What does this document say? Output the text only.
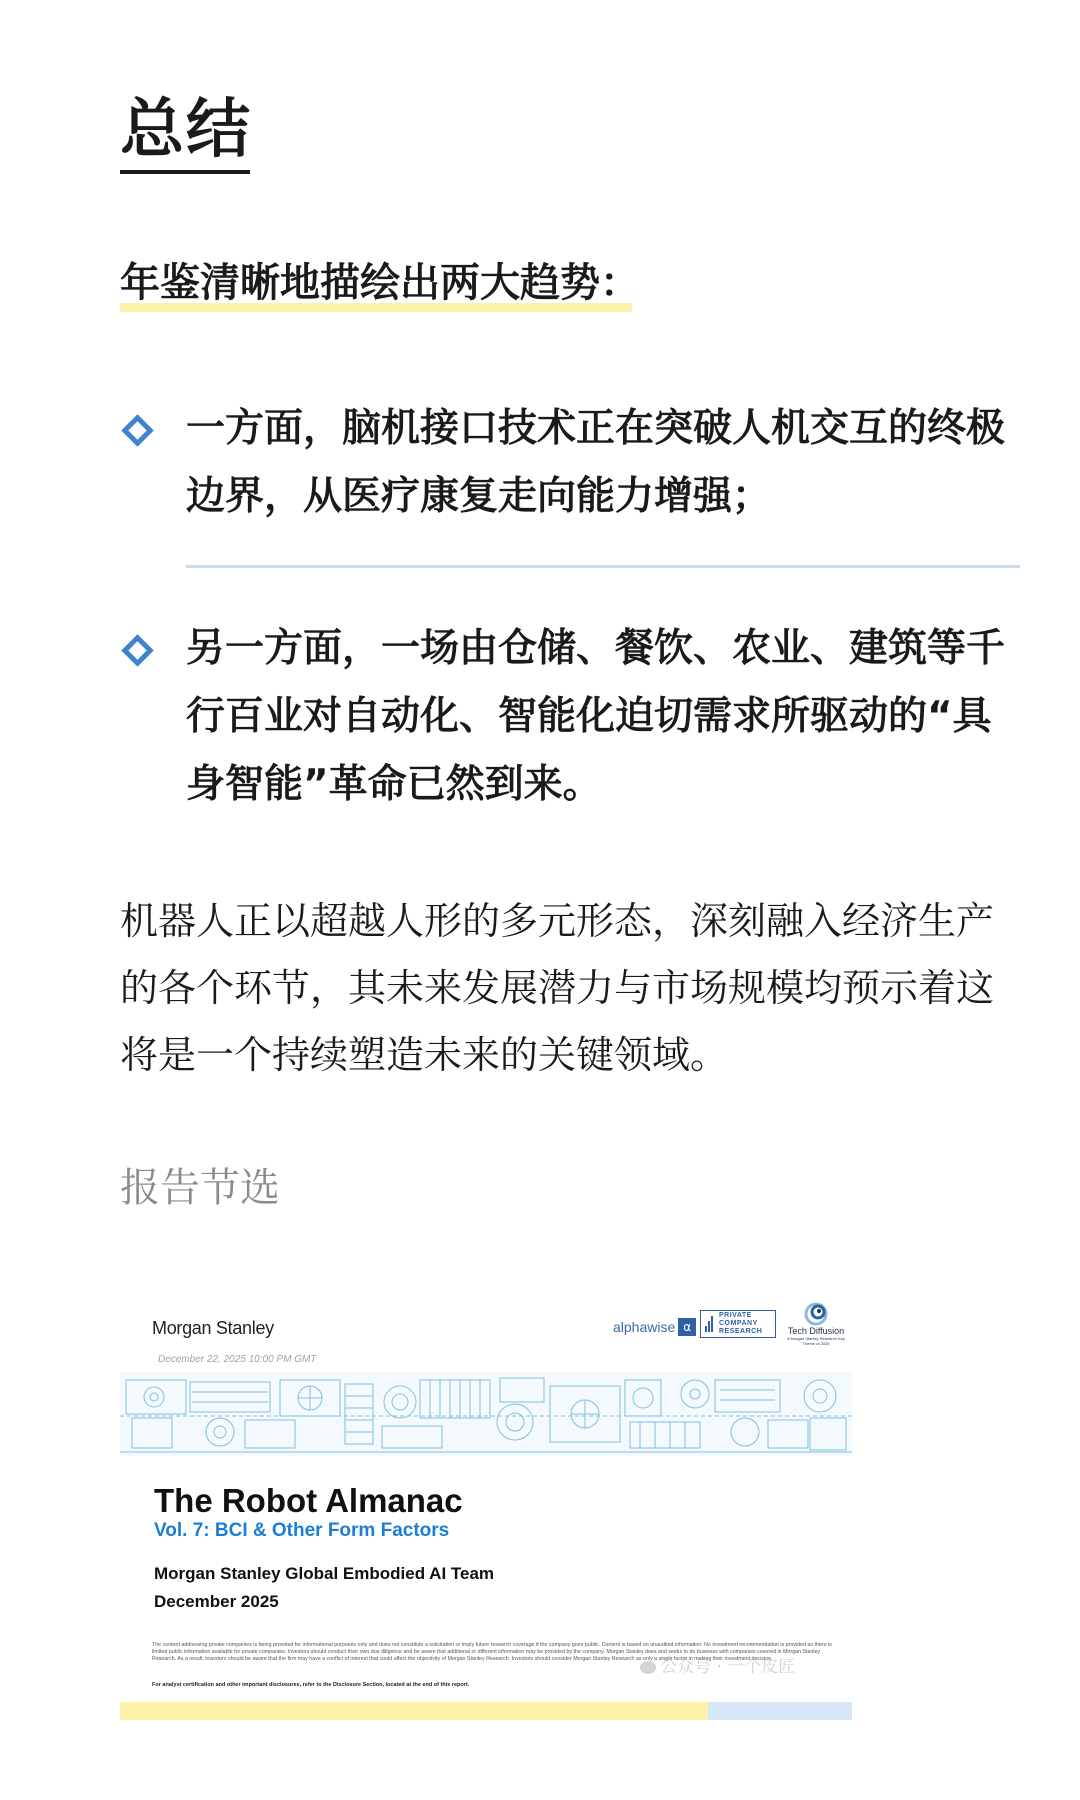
总结
年鉴清晰地描绘出两大趋势：

一方面，脑机接口技术正在突破人机交互的终极边界，从医疗康复走向能力增强；

另一方面，一场由仓储、餐饮、农业、建筑等千行百业对自动化、智能化迫切需求所驱动的“具身智能”革命已然到来。

机器人正以超越人形的多元形态，深刻融入经济生产的各个环节，其未来发展潜力与市场规模均预示着这将是一个持续塑造未来的关键领域。

报告节选

Morgan Stanley
December 22, 2025 10:00 PM GMT
alphawise α
PRIVATE
COMPANY
RESEARCH	Tech Diffusion
A Morgan Stanley Research Key Theme of 2025
The Robot Almanac
Vol. 7: BCI & Other Form Factors
Morgan Stanley Global Embodied AI Team
December 2025

The content addressing private companies is being provided for informational purposes only and does not constitute a solicitation or imply future research coverage if the company goes public. Content is based on unaudited information. No investment recommendation is provided as there is limited public information available for private companies. Investors should conduct their own due diligence and be aware that additional or different information may be provided by the company. Morgan Stanley does and seeks to do business with companies covered in Morgan Stanley Research. As a result, investors should be aware that the firm may have a conflict of interest that could affect the objectivity of Morgan Stanley Research. Investors should consider Morgan Stanley Research as only a single factor in making their investment decision.

For analyst certification and other important disclosures, refer to the Disclosure Section, located at the end of this report.
公众号 · 一个皮匠
